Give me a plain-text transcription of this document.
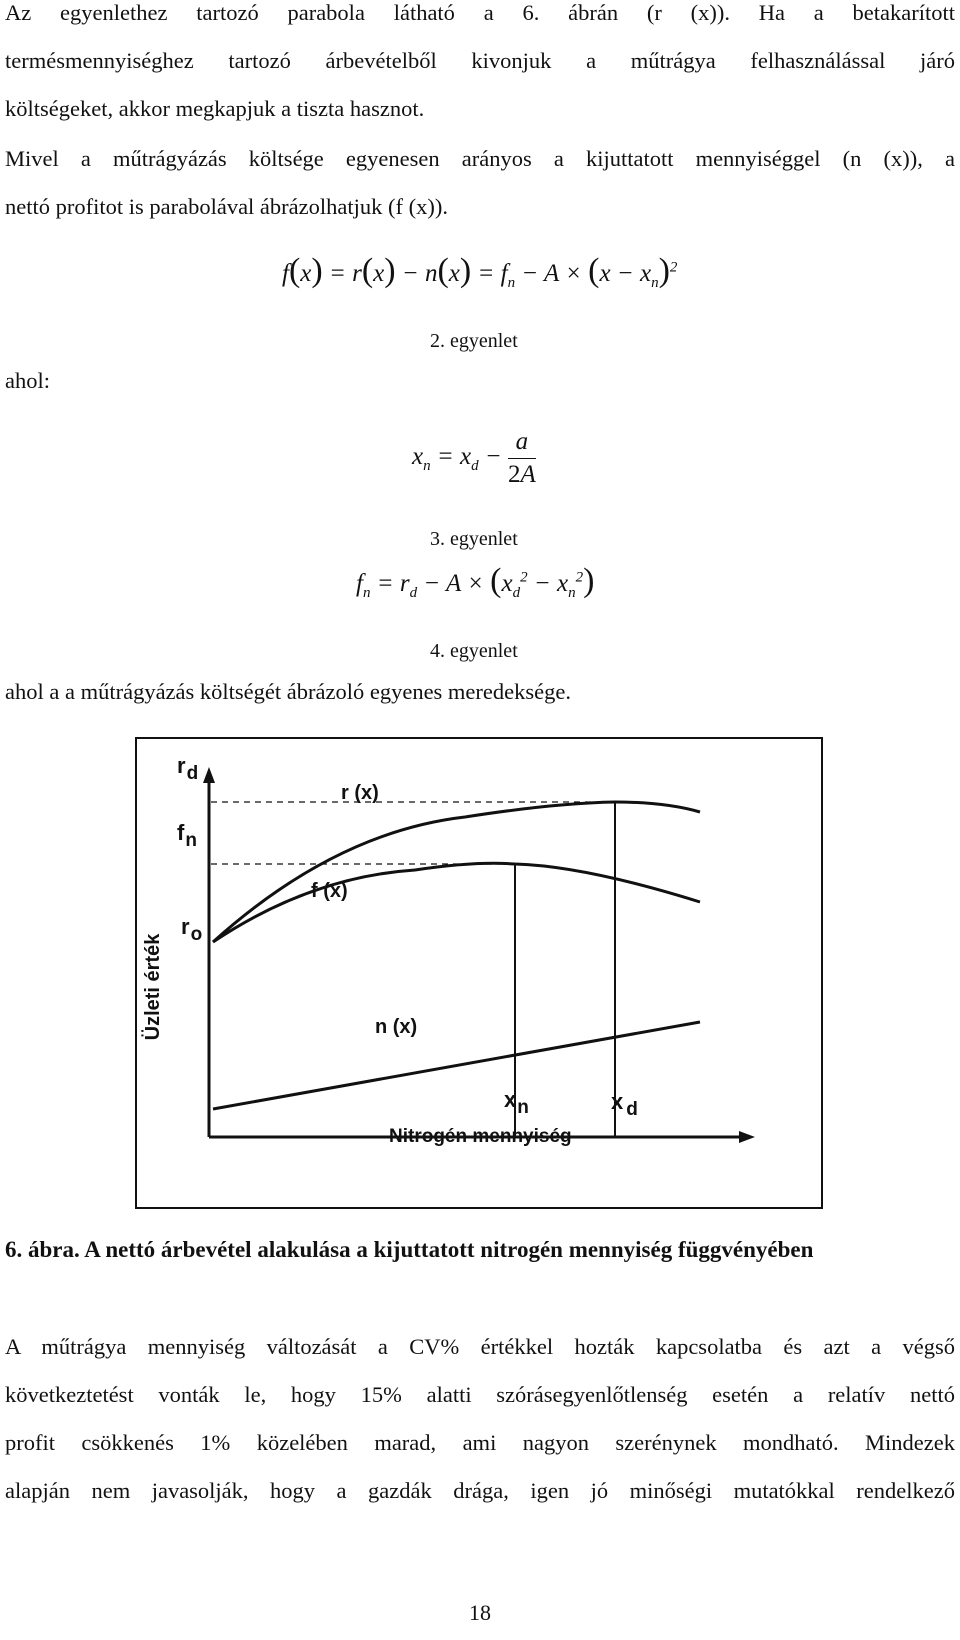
Az egyenlethez tartozó parabola látható a 6. ábrán (r (x)). Ha a betakarított
termésmennyiséghez tartozó árbevételből kivonjuk a műtrágya felhasználással járó
költségeket, akkor megkapjuk a tiszta hasznot.
Mivel a műtrágyázás költsége egyenesen arányos a kijuttatott mennyiséggel (n (x)), a
nettó profitot is parabolával ábrázolhatjuk (f (x)).
$f(x) = r(x) - n(x) = f_n - A \times (x - x_n)^2$
2. egyenlet
ahol:
$x_n = x_d - \frac{a}{2A}$
3. egyenlet
$f_n = r_d - A \times (x_d^2 - x_n^2)$
4. egyenlet
ahol a a műtrágyázás költségét ábrázoló egyenes meredeksége.
rd
fn
ro
Üzleti érték
r (x)
f (x)
n (x)
xn	x d
Nitrogén mennyiség
6. ábra. A nettó árbevétel alakulása a kijuttatott nitrogén mennyiség függvényében
A műtrágya mennyiség változását a CV% értékkel hozták kapcsolatba és azt a végső
következtetést vonták le, hogy 15% alatti szórásegyenlőtlenség esetén a relatív nettó
profit csökkenés 1% közelében marad, ami nagyon szerénynek mondható. Mindezek
alapján nem javasolják, hogy a gazdák drága, igen jó minőségi mutatókkal rendelkező
18
